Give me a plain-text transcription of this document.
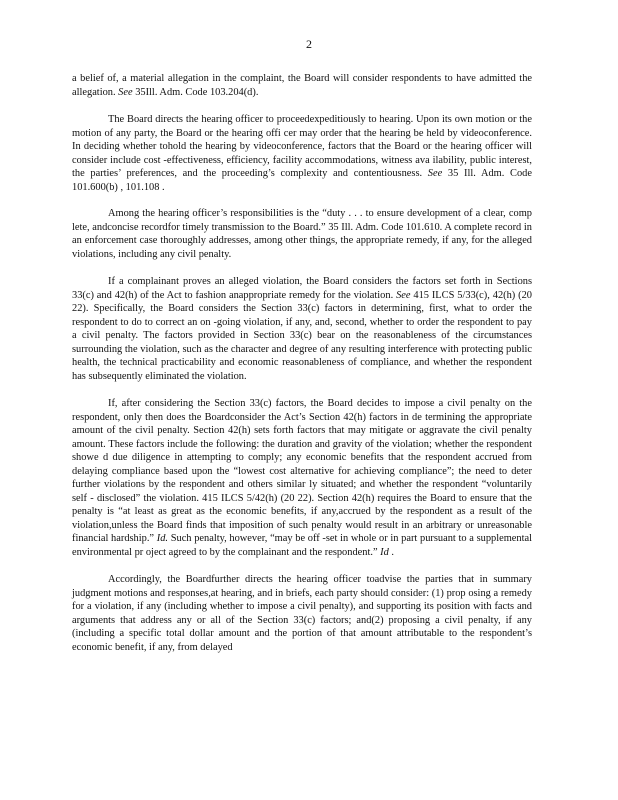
2

a belief of, a material allegation in the complaint, the Board will consider respondents to have admitted the allegation. See 35Ill. Adm. Code 103.204(d).

The Board directs the hearing officer to proceedexpeditiously to hearing. Upon its own motion or the motion of any party, the Board or the hearing offi cer may order that the hearing be held by videoconference. In deciding whether tohold the hearing by videoconference, factors that the Board or the hearing officer will consider include cost -effectiveness, efficiency, facility accommodations, witness ava ilability, public interest, the parties’ preferences, and the proceeding’s complexity and contentiousness. See 35 Ill. Adm. Code 101.600(b) , 101.108 .

Among the hearing officer’s responsibilities is the “duty . . . to ensure development of a clear, comp lete, andconcise recordfor timely transmission to the Board.” 35 Ill. Adm. Code 101.610. A complete record in an enforcement case thoroughly addresses, among other things, the appropriate remedy, if any, for the alleged violations, including any civil penalty.

If a complainant proves an alleged violation, the Board considers the factors set forth in Sections 33(c) and 42(h) of the Act to fashion anappropriate remedy for the violation. See 415 ILCS 5/33(c), 42(h) (20 22). Specifically, the Board considers the Section 33(c) factors in determining, first, what to order the respondent to do to correct an on -going violation, if any, and, second, whether to order the respondent to pay a civil penalty. The factors provided in Section 33(c) bear on the reasonableness of the circumstances surrounding the violation, such as the character and degree of any resulting interference with protecting public health, the technical practicability and economic reasonableness of compliance, and whether the respondent has subsequently eliminated the violation.

If, after considering the Section 33(c) factors, the Board decides to impose a civil penalty on the respondent, only then does the Boardconsider the Act’s Section 42(h) factors in de termining the appropriate amount of the civil penalty. Section 42(h) sets forth factors that may mitigate or aggravate the civil penalty amount. These factors include the following: the duration and gravity of the violation; whether the respondent showe d due diligence in attempting to comply; any economic benefits that the respondent accrued from delaying compliance based upon the “lowest cost alternative for achieving compliance”; the need to deter further violations by the respondent and others similar ly situated; and whether the respondent “voluntarily self - disclosed” the violation. 415 ILCS 5/42(h) (20 22). Section 42(h) requires the Board to ensure that the penalty is “at least as great as the economic benefits, if any,accrued by the respondent as a result of the violation,unless the Board finds that imposition of such penalty would result in an arbitrary or unreasonable financial hardship.” Id. Such penalty, however, “may be off -set in whole or in part pursuant to a supplemental environmental pr oject agreed to by the complainant and the respondent.” Id .

Accordingly, the Boardfurther directs the hearing officer toadvise the parties that in summary judgment motions and responses,at hearing, and in briefs, each party should consider: (1) prop osing a remedy for a violation, if any (including whether to impose a civil penalty), and supporting its position with facts and arguments that address any or all of the Section 33(c) factors; and(2) proposing a civil penalty, if any (including a specific total dollar amount and the portion of that amount attributable to the respondent’s economic benefit, if any, from delayed
